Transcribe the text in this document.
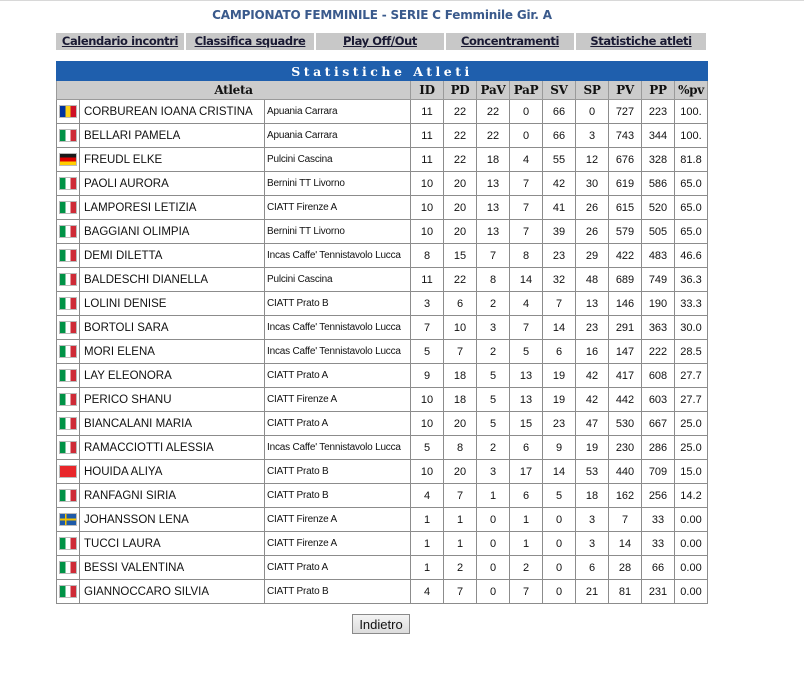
CAMPIONATO FEMMINILE - SERIE C Femminile Gir. A
Calendario incontri	Classifica squadre	Play Off/Out	Concentramenti	Statistiche atleti
Statistiche Atleti											
Atleta			ID	PD	PaV	PaP	SV	SP	PV	PP	%pv
	CORBUREAN IOANA CRISTINA	Apuania Carrara	11	22	22	0	66	0	727	223	100.
	BELLARI PAMELA	Apuania Carrara	11	22	22	0	66	3	743	344	100.
	FREUDL ELKE	Pulcini Cascina	11	22	18	4	55	12	676	328	81.8
	PAOLI AURORA	Bernini TT Livorno	10	20	13	7	42	30	619	586	65.0
	LAMPORESI LETIZIA	CIATT Firenze A	10	20	13	7	41	26	615	520	65.0
	BAGGIANI OLIMPIA	Bernini TT Livorno	10	20	13	7	39	26	579	505	65.0
	DEMI DILETTA	Incas Caffe' Tennistavolo Lucca	8	15	7	8	23	29	422	483	46.6
	BALDESCHI DIANELLA	Pulcini Cascina	11	22	8	14	32	48	689	749	36.3
	LOLINI DENISE	CIATT Prato B	3	6	2	4	7	13	146	190	33.3
	BORTOLI SARA	Incas Caffe' Tennistavolo Lucca	7	10	3	7	14	23	291	363	30.0
	MORI ELENA	Incas Caffe' Tennistavolo Lucca	5	7	2	5	6	16	147	222	28.5
	LAY ELEONORA	CIATT Prato A	9	18	5	13	19	42	417	608	27.7
	PERICO SHANU	CIATT Firenze A	10	18	5	13	19	42	442	603	27.7
	BIANCALANI MARIA	CIATT Prato A	10	20	5	15	23	47	530	667	25.0
	RAMACCIOTTI ALESSIA	Incas Caffe' Tennistavolo Lucca	5	8	2	6	9	19	230	286	25.0
	HOUIDA ALIYA	CIATT Prato B	10	20	3	17	14	53	440	709	15.0
	RANFAGNI SIRIA	CIATT Prato B	4	7	1	6	5	18	162	256	14.2
	JOHANSSON LENA	CIATT Firenze A	1	1	0	1	0	3	7	33	0.00
	TUCCI LAURA	CIATT Firenze A	1	1	0	1	0	3	14	33	0.00
	BESSI VALENTINA	CIATT Prato A	1	2	0	2	0	6	28	66	0.00
	GIANNOCCARO SILVIA	CIATT Prato B	4	7	0	7	0	21	81	231	0.00
Indietro
